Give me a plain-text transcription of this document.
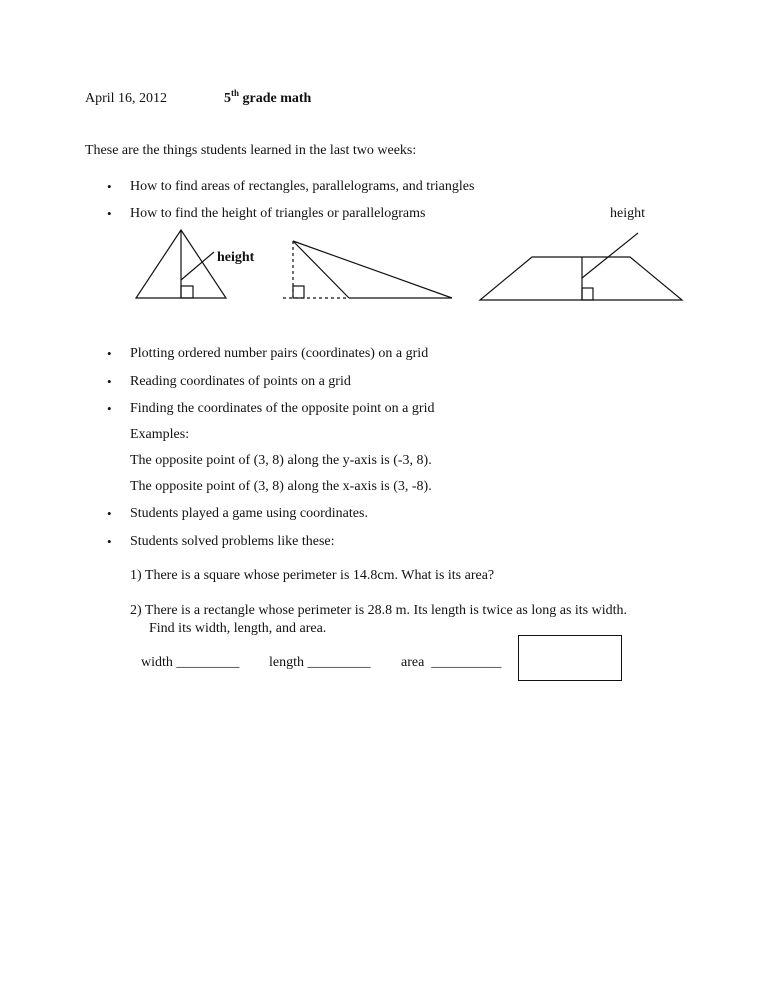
April 16, 2012	5th grade math
These are the things students learned in the last two weeks:
• How to find areas of rectangles, parallelograms, and triangles
• How to find the height of triangles or parallelograms
height
height
• Plotting ordered number pairs (coordinates) on a grid
• Reading coordinates of points on a grid
• Finding the coordinates of the opposite point on a grid
Examples:
The opposite point of (3, 8) along the y-axis is (-3, 8).
The opposite point of (3, 8) along the x-axis is (3, -8).
• Students played a game using coordinates.
• Students solved problems like these:
1) There is a square whose perimeter is 14.8cm. What is its area?
2) There is a rectangle whose perimeter is 28.8 m. Its length is twice as long as its width.
Find its width, length, and area.
width _________ length _________ area __________
